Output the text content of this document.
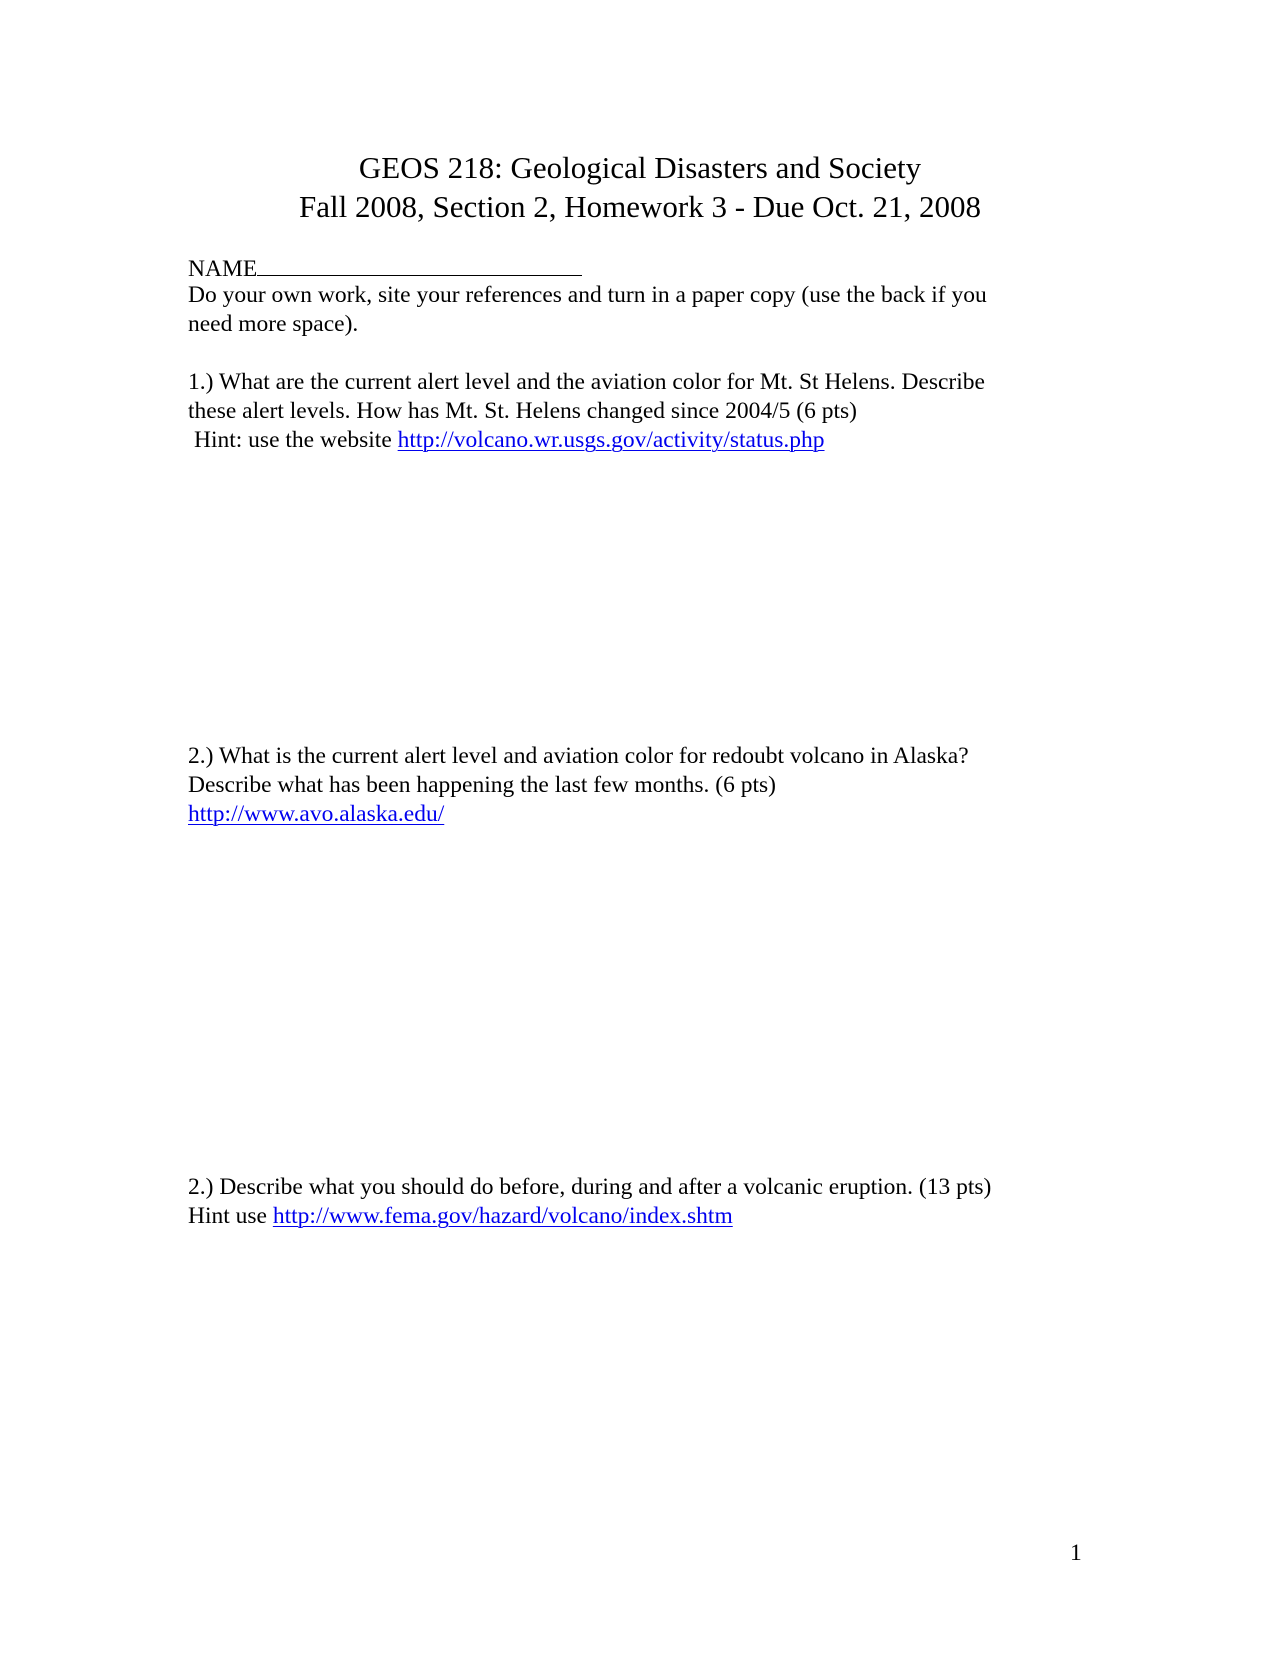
GEOS 218: Geological Disasters and Society
Fall 2008, Section 2, Homework 3 - Due Oct. 21, 2008
NAME
Do your own work, site your references and turn in a paper copy (use the back if you
need more space).
1.) What are the current alert level and the aviation color for Mt. St Helens. Describe
these alert levels. How has Mt. St. Helens changed since 2004/5 (6 pts)
Hint: use the website http://volcano.wr.usgs.gov/activity/status.php
2.) What is the current alert level and aviation color for redoubt volcano in Alaska?
Describe what has been happening the last few months. (6 pts)
http://www.avo.alaska.edu/
2.) Describe what you should do before, during and after a volcanic eruption. (13 pts)
Hint use http://www.fema.gov/hazard/volcano/index.shtm
1
